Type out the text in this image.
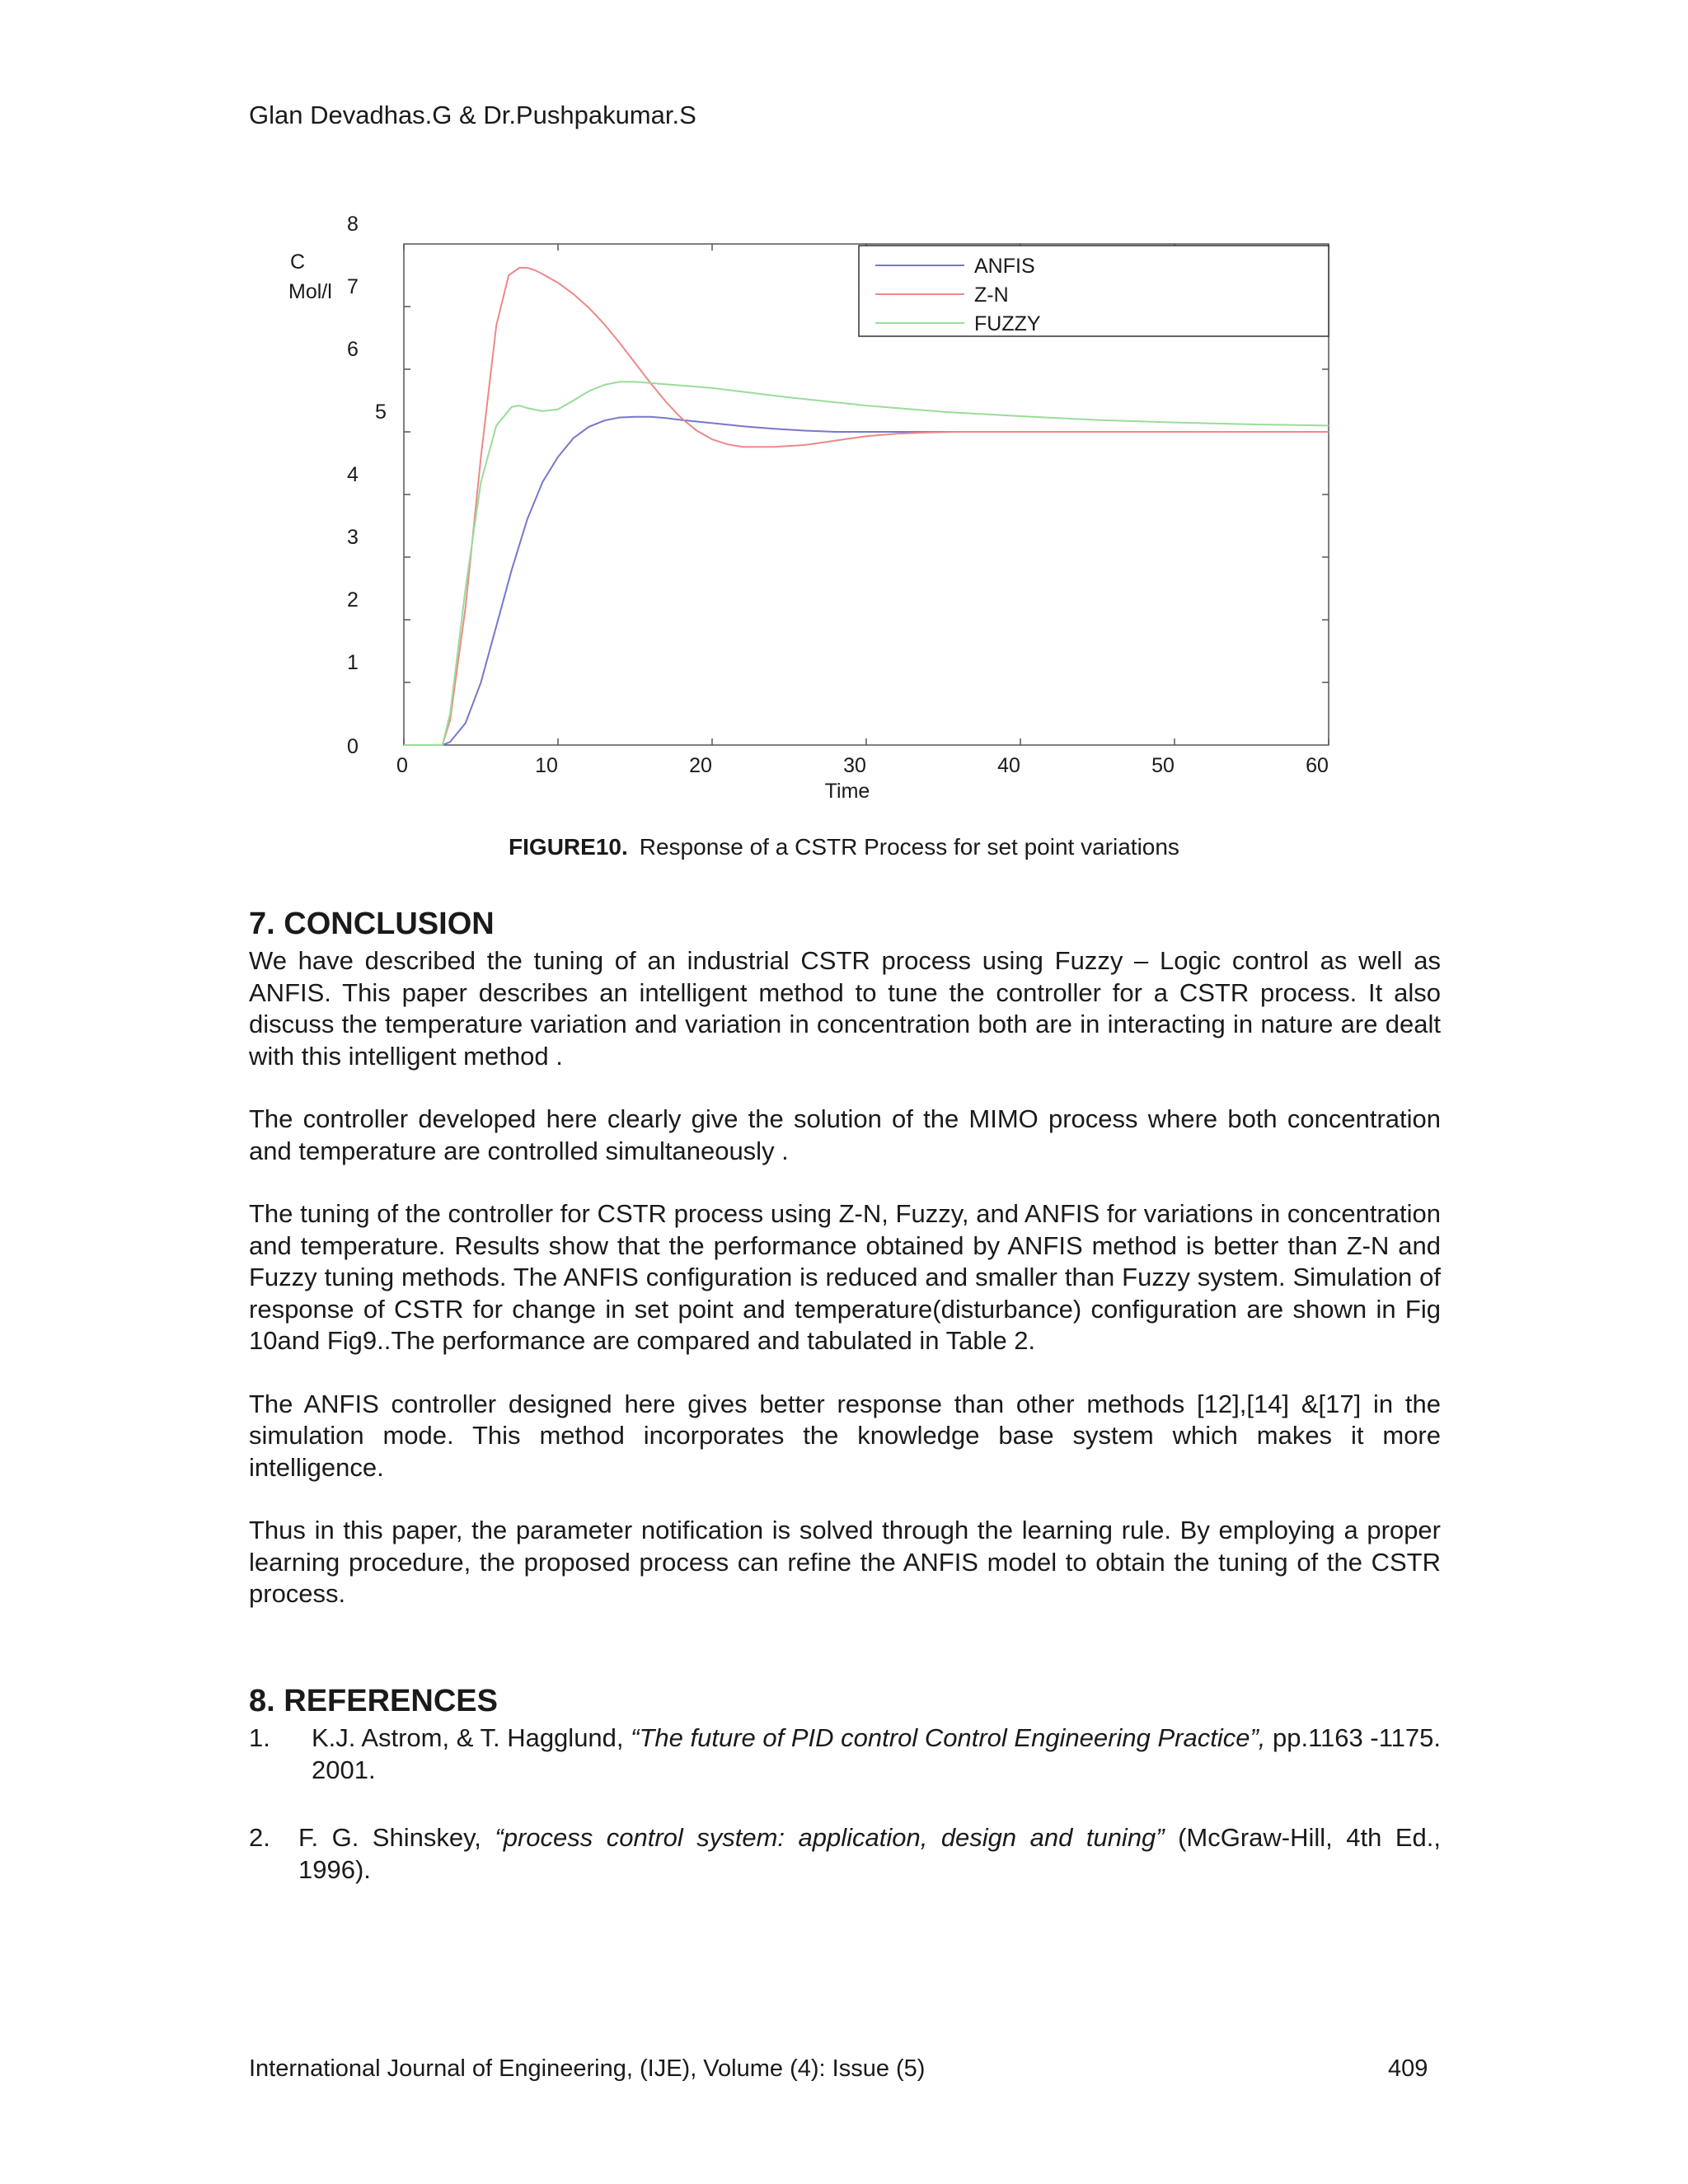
Glan Devadhas.G & Dr.Pushpakumar.S
0	10	20	30	40	50	60
0
1
2
3
4
5
6
7
8
C
Mol/l
Time
ANFIS
Z-N
FUZZY
FIGURE10. Response of a CSTR Process for set point variations
7. CONCLUSION

We have described the tuning of an industrial CSTR process using Fuzzy – Logic control as well as ANFIS. This paper describes an intelligent method to tune the controller for a CSTR process. It also discuss the temperature variation and variation in concentration both are in interacting in nature are dealt with this intelligent method .

The controller developed here clearly give the solution of the MIMO process where both concentration and temperature are controlled simultaneously .

The tuning of the controller for CSTR process using Z-N, Fuzzy, and ANFIS for variations in concentration and temperature. Results show that the performance obtained by ANFIS method is better than Z-N and Fuzzy tuning methods. The ANFIS configuration is reduced and smaller than Fuzzy system. Simulation of response of CSTR for change in set point and temperature(disturbance) configuration are shown in Fig 10and Fig9..The performance are compared and tabulated in Table 2.

The ANFIS controller designed here gives better response than other methods [12],[14] &[17] in the simulation mode. This method incorporates the knowledge base system which makes it more intelligence.

Thus in this paper, the parameter notification is solved through the learning rule. By employing a proper learning procedure, the proposed process can refine the ANFIS model to obtain the tuning of the CSTR process.

8. REFERENCES
1.	K.J. Astrom, & T. Hagglund, “The future of PID control Control Engineering Practice”, pp.1163 -1175. 2001.
2.	F. G. Shinskey, “process control system: application, design and tuning” (McGraw-Hill, 4th Ed., 1996).
International Journal of Engineering, (IJE), Volume (4): Issue (5)	409
